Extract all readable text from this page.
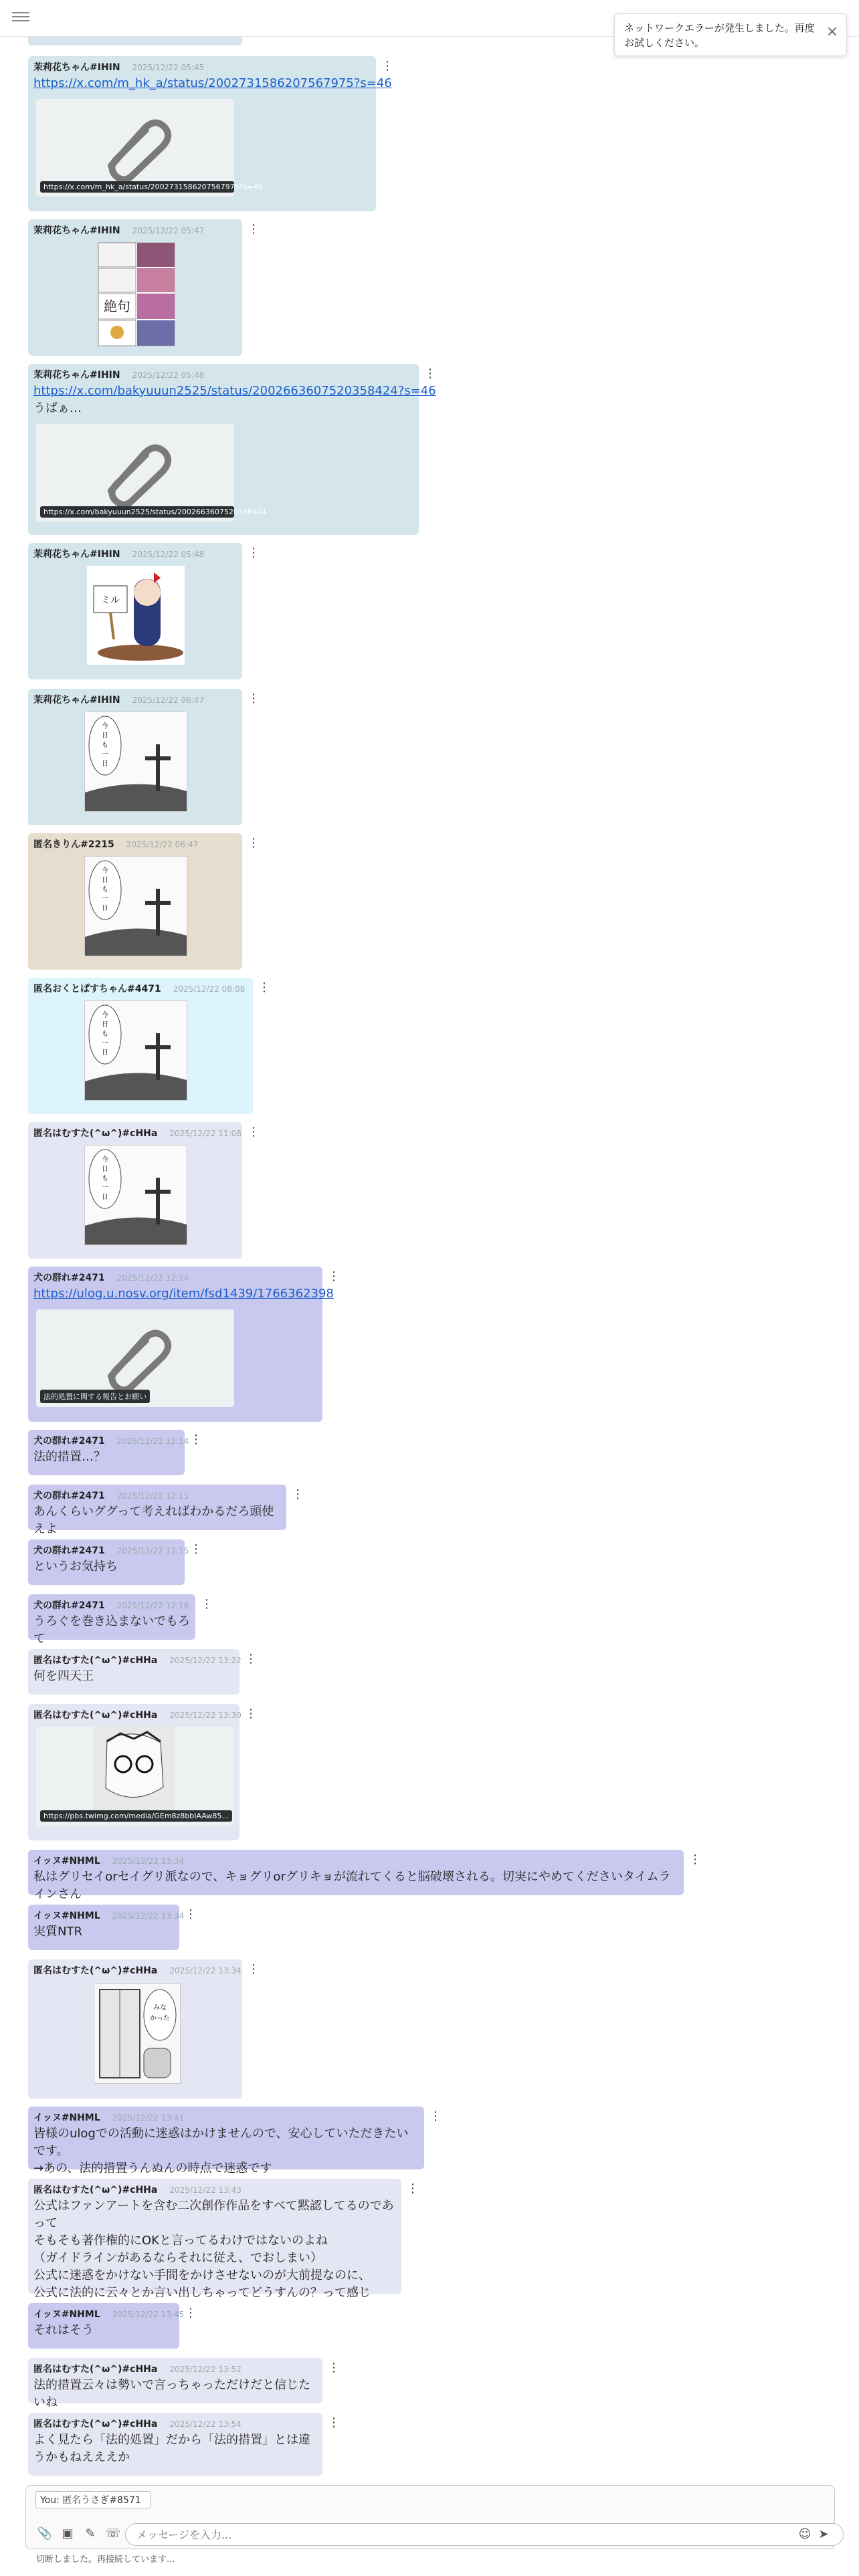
⁡茉莉花ちゃん⁡#IHIN 2025/12/22 05:45
https://x.com/m_hk_a/status/2002731586207567975?s=46
https://x.com/m_hk_a/status/2002731586207567975?s=46
⋮
⁡茉莉花ちゃん⁡#IHIN 2025/12/22 05:47
絶句
⋮
⁡茉莉花ちゃん⁡#IHIN 2025/12/22 05:48
https://x.com/bakyuuun2525/status/2002663607520358424?s=46
うぱぁ…
https://x.com/bakyuuun2525/status/2002663607520358424
⋮
⁡茉莉花ちゃん⁡#IHIN 2025/12/22 05:48
ミル
⋮
⁡茉莉花ちゃん⁡#IHIN 2025/12/22 06:47
今
日
も
一
日
⋮
匿名きりん#2215 2025/12/22 06:47
今
日
も
一
日
⋮
⁡匿名おくとぱすちゃん⁡#4471 2025/12/22 08:08
今
日
も
一
日
⋮
匿名はむすた(^ω^)#cHHa 2025/12/22 11:08
今
日
も
一
日
⋮
犬の群れ#2471 2025/12/22 12:14
https://ulog.u.nosv.org/item/fsd1439/1766362398
法的処置に関する報告とお願い
⋮
犬の群れ#2471 2025/12/22 12:14
法的措置…？
⋮
犬の群れ#2471 2025/12/22 12:15
あんくらいググって考えればわかるだろ頭使えよ
⋮
犬の群れ#2471 2025/12/22 12:15
というお気持ち
⋮
犬の群れ#2471 2025/12/22 12:16
うろぐを巻き込まないでもろて
⋮
匿名はむすた(^ω^)#cHHa 2025/12/22 13:22
何を四天王
⋮
匿名はむすた(^ω^)#cHHa 2025/12/22 13:30
https://pbs.twimg.com/media/GEm8z8bbIAAw85...
⋮
イッヌ#NHML 2025/12/22 13:34
私はグリセイorセイグリ派なので、キョグリorグリキョが流れてくると脳破壊される。切実にやめてくださいタイムラインさん
⋮
イッヌ#NHML 2025/12/22 13:34
実質NTR
⋮
匿名はむすた(^ω^)#cHHa 2025/12/22 13:34
みな
かった
⋮
イッヌ#NHML 2025/12/22 13:41
皆様のulogでの活動に迷惑はかけませんので、安心していただきたいです。
→あの、法的措置うんぬんの時点で迷惑です
⋮
匿名はむすた(^ω^)#cHHa 2025/12/22 13:43
公式はファンアートを含む二次創作作品をすべて黙認してるのであって
そもそも著作権的にOKと言ってるわけではないのよね
（ガイドラインがあるならそれに従え、でおしまい）
公式に迷惑をかけない手間をかけさせないのが大前提なのに、
公式に法的に云々とか言い出しちゃってどうすんの？って感じ
⋮
イッヌ#NHML 2025/12/22 13:45
それはそう
⋮
匿名はむすた(^ω^)#cHHa 2025/12/22 13:52
法的措置云々は勢いで言っちゃっただけだと信じたいね
⋮
匿名はむすた(^ω^)#cHHa 2025/12/22 13:54
よく見たら「法的処置」だから「法的措置」とは違うかもねえええか
⋮
ネットワークエラーが発生しました。再度お試しください。
×
You: 匿名うさぎ#8571
📎 ▣ ✎ ☏
メッセージを入力...	☺ ➤
切断しました。再接続しています...
